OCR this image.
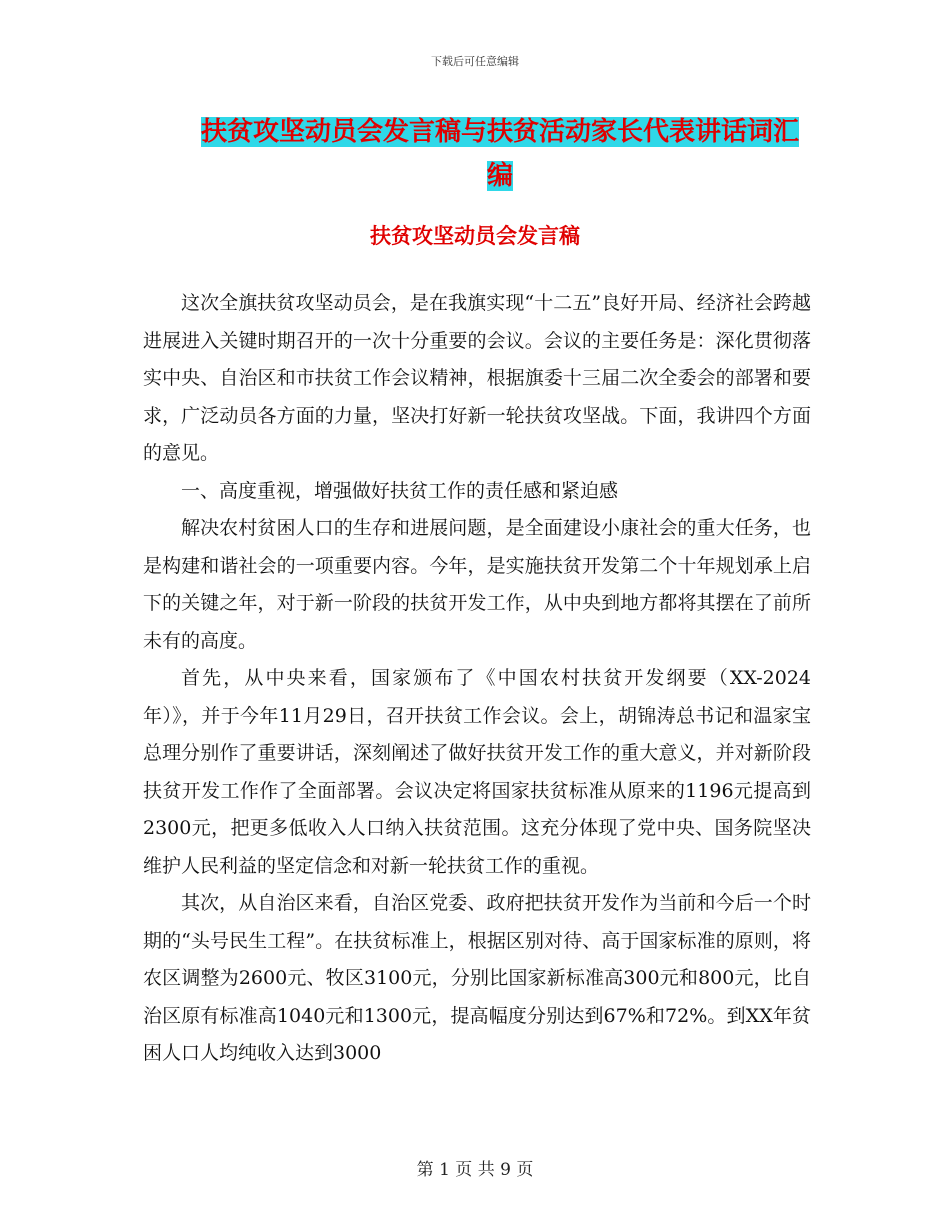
下载后可任意编辑
扶贫攻坚动员会发言稿与扶贫活动家长代表讲话词汇
编
扶贫攻坚动员会发言稿

这次全旗扶贫攻坚动员会，是在我旗实现“十二五”良好开局、经济社会跨越进展进入关键时期召开的一次十分重要的会议。会议的主要任务是：深化贯彻落实中央、自治区和市扶贫工作会议精神，根据旗委十三届二次全委会的部署和要求，广泛动员各方面的力量，坚决打好新一轮扶贫攻坚战。下面，我讲四个方面的意见。

一、高度重视，增强做好扶贫工作的责任感和紧迫感

解决农村贫困人口的生存和进展问题，是全面建设小康社会的重大任务，也是构建和谐社会的一项重要内容。今年，是实施扶贫开发第二个十年规划承上启下的关键之年，对于新一阶段的扶贫开发工作，从中央到地方都将其摆在了前所未有的高度。

首先，从中央来看，国家颁布了《中国农村扶贫开发纲要（XX-2024年）》，并于今年11月29日，召开扶贫工作会议。会上，胡锦涛总书记和温家宝总理分别作了重要讲话，深刻阐述了做好扶贫开发工作的重大意义，并对新阶段扶贫开发工作作了全面部署。会议决定将国家扶贫标准从原来的1196元提高到2300元，把更多低收入人口纳入扶贫范围。这充分体现了党中央、国务院坚决维护人民利益的坚定信念和对新一轮扶贫工作的重视。

其次，从自治区来看，自治区党委、政府把扶贫开发作为当前和今后一个时期的“头号民生工程”。在扶贫标准上，根据区别对待、高于国家标准的原则，将农区调整为2600元、牧区3100元，分别比国家新标准高300元和800元，比自治区原有标准高1040元和1300元，提高幅度分别达到67%和72%。到XX年贫困人口人均纯收入达到3000

第 1 页 共 9 页
